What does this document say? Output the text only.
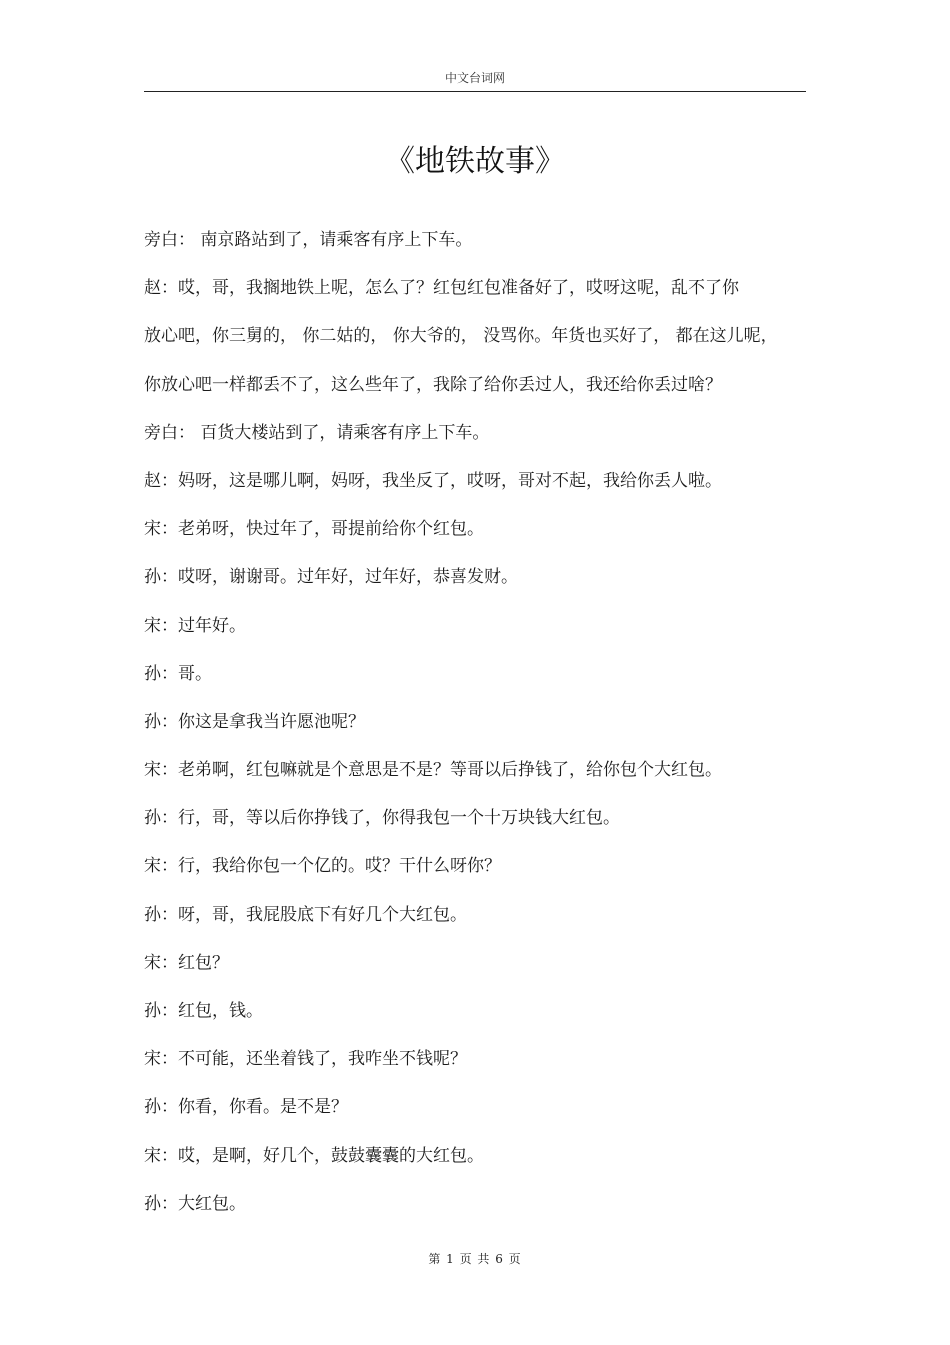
中文台词网
《地铁故事》
旁白： 南京路站到了，请乘客有序上下车。
赵：哎，哥，我搁地铁上呢，怎么了？红包红包准备好了，哎呀这呢，乱不了你
放心吧，你三舅的， 你二姑的， 你大爷的， 没骂你。年货也买好了， 都在这儿呢，
你放心吧一样都丢不了，这么些年了，我除了给你丢过人，我还给你丢过啥？
旁白： 百货大楼站到了，请乘客有序上下车。
赵：妈呀，这是哪儿啊，妈呀，我坐反了，哎呀，哥对不起，我给你丢人啦。
宋：老弟呀，快过年了，哥提前给你个红包。
孙：哎呀，谢谢哥。过年好，过年好，恭喜发财。
宋：过年好。
孙：哥。
孙：你这是拿我当许愿池呢？
宋：老弟啊，红包嘛就是个意思是不是？等哥以后挣钱了，给你包个大红包。
孙：行，哥，等以后你挣钱了，你得我包一个十万块钱大红包。
宋：行，我给你包一个亿的。哎？干什么呀你？
孙：呀，哥，我屁股底下有好几个大红包。
宋：红包？
孙：红包，钱。
宋：不可能，还坐着钱了，我咋坐不钱呢？
孙：你看，你看。是不是？
宋：哎，是啊，好几个，鼓鼓囊囊的大红包。
孙：大红包。
第 1 页 共 6 页
